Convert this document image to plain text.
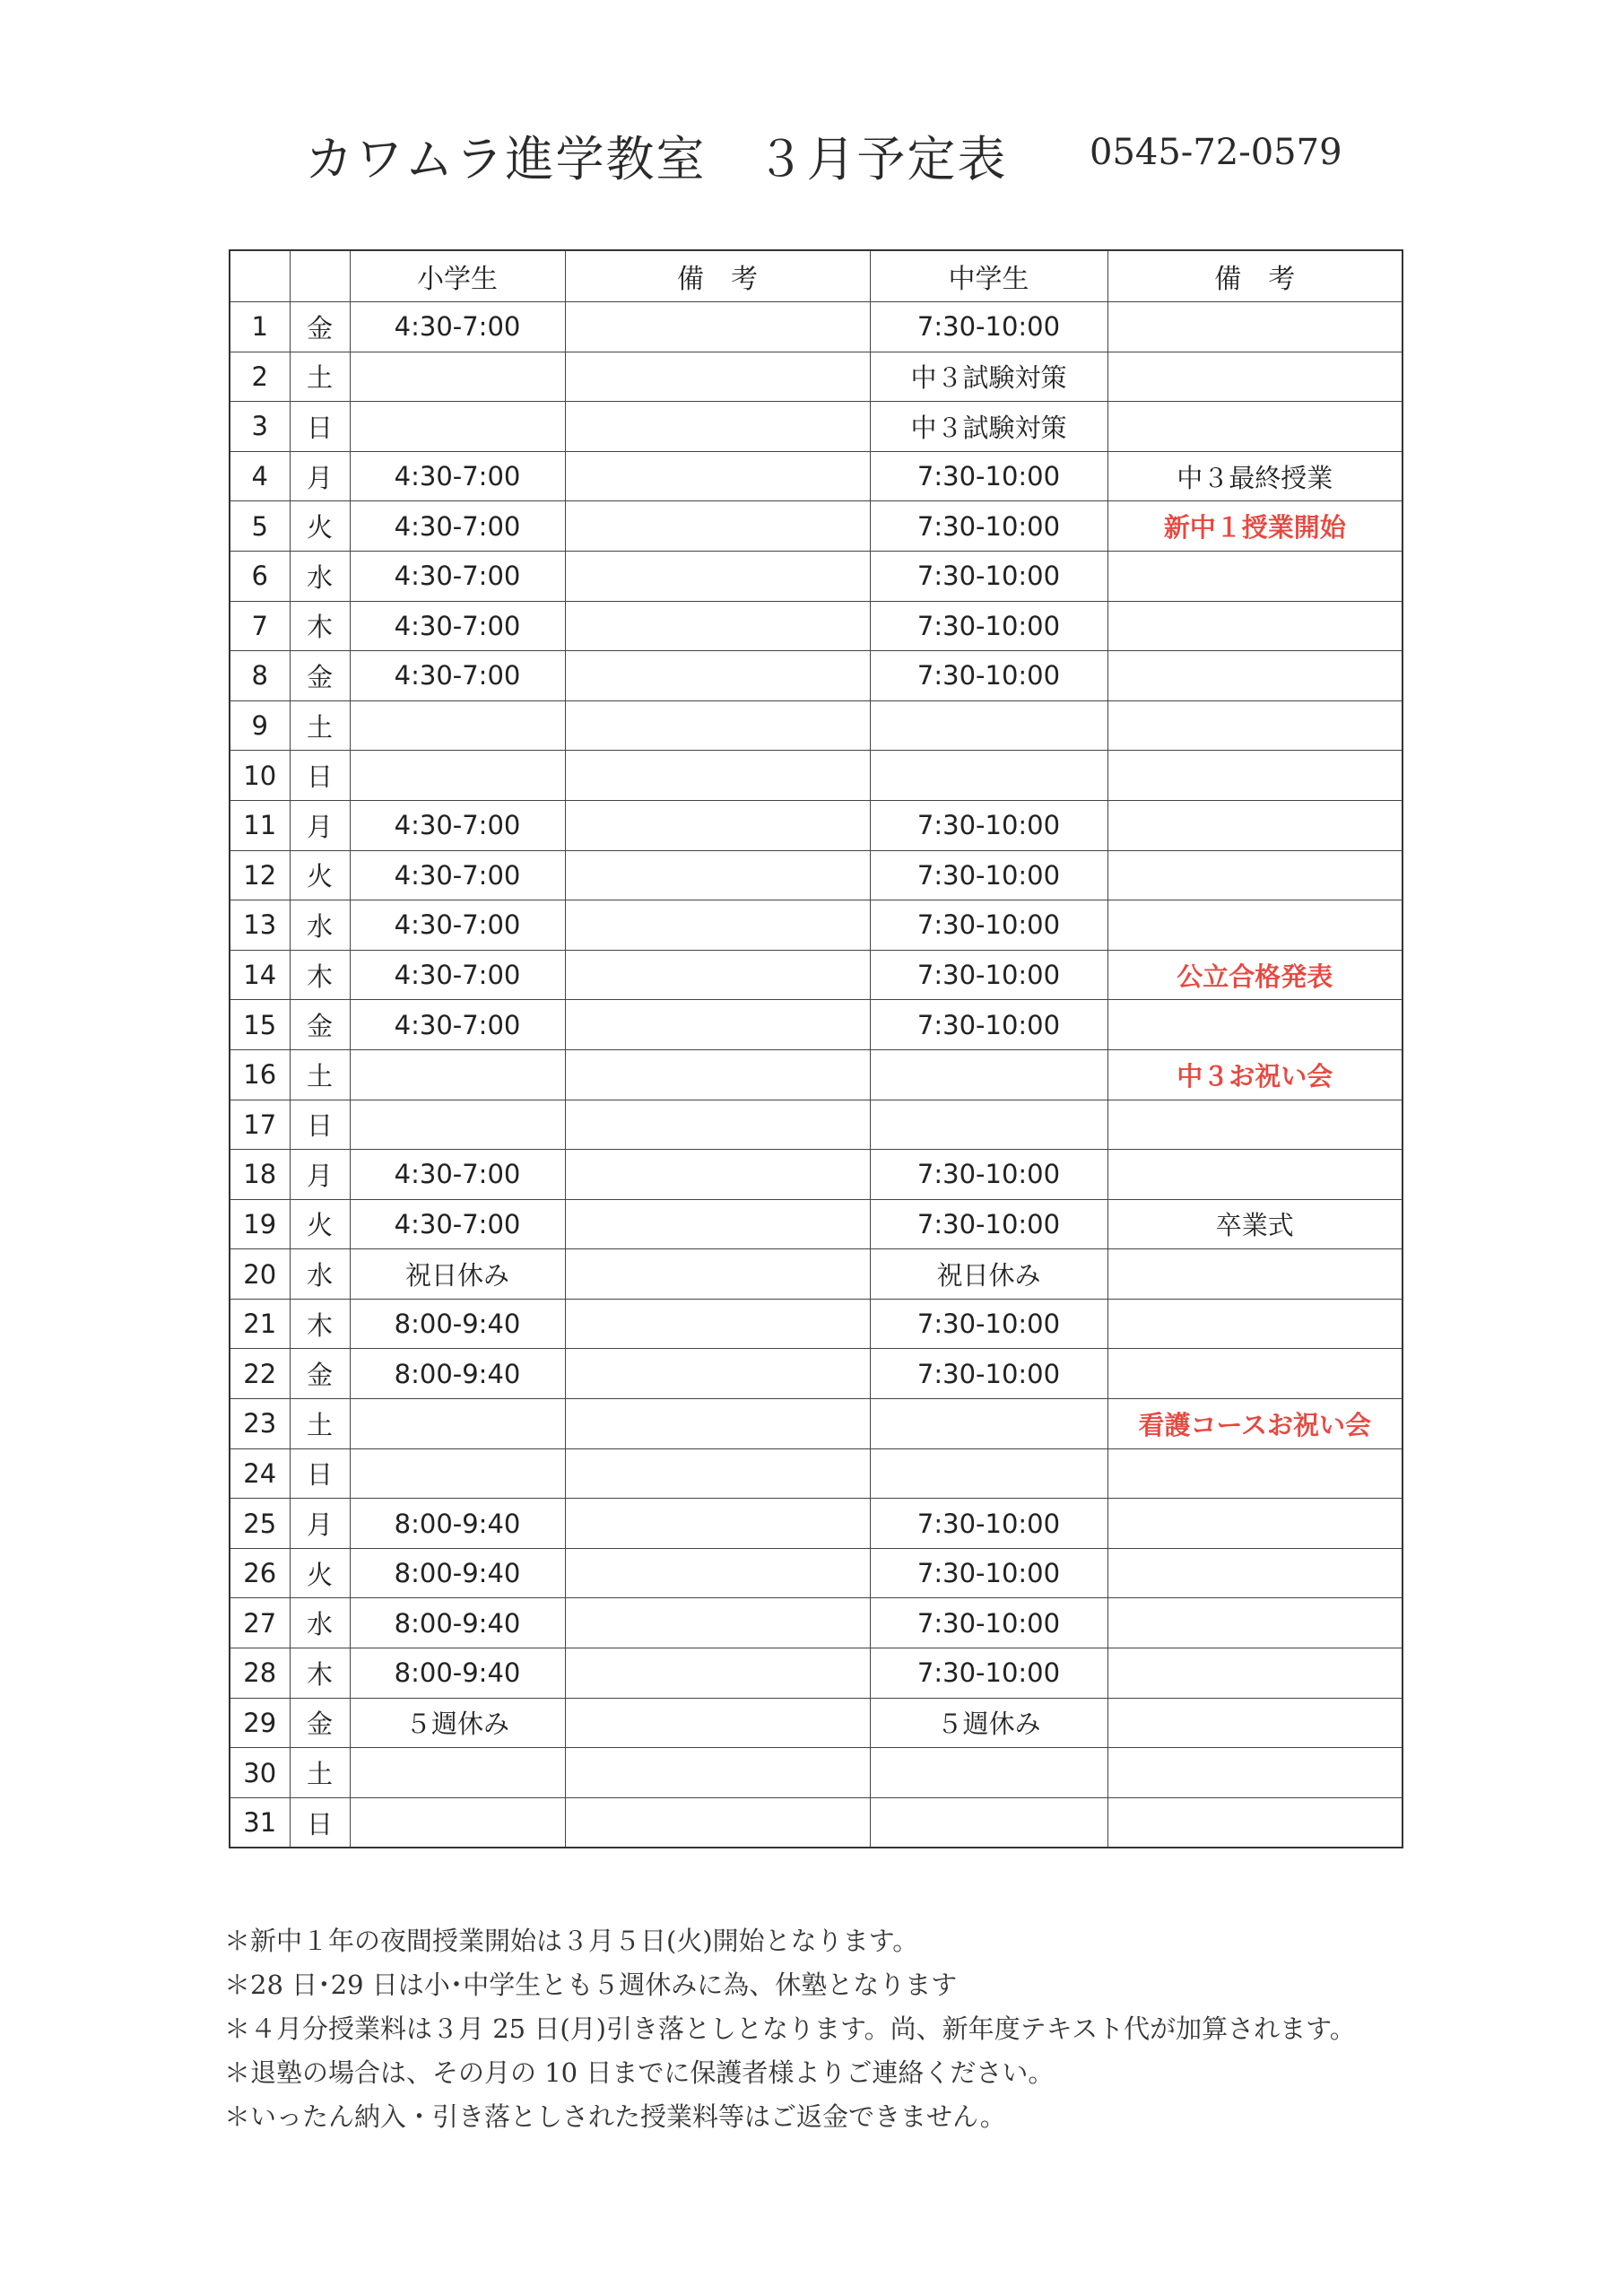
カワムラ進学教室　３月予定表 0545-72-0579
		小学生	備　考	中学生	備　考
1	金	4:30-7:00		7:30-10:00	
2	土			中３試験対策	
3	日			中３試験対策	
4	月	4:30-7:00		7:30-10:00	中３最終授業
5	火	4:30-7:00		7:30-10:00	新中１授業開始
6	水	4:30-7:00		7:30-10:00	
7	木	4:30-7:00		7:30-10:00	
8	金	4:30-7:00		7:30-10:00	
9	土				
10	日				
11	月	4:30-7:00		7:30-10:00	
12	火	4:30-7:00		7:30-10:00	
13	水	4:30-7:00		7:30-10:00	
14	木	4:30-7:00		7:30-10:00	公立合格発表
15	金	4:30-7:00		7:30-10:00	
16	土				中３お祝い会
17	日				
18	月	4:30-7:00		7:30-10:00	
19	火	4:30-7:00		7:30-10:00	卒業式
20	水	祝日休み		祝日休み	
21	木	8:00-9:40		7:30-10:00	
22	金	8:00-9:40		7:30-10:00	
23	土				看護コースお祝い会
24	日				
25	月	8:00-9:40		7:30-10:00	
26	火	8:00-9:40		7:30-10:00	
27	水	8:00-9:40		7:30-10:00	
28	木	8:00-9:40		7:30-10:00	
29	金	５週休み		５週休み	
30	土				
31	日				
＊新中１年の夜間授業開始は３月５日(火)開始となります。
＊28 日･29 日は小･中学生とも５週休みに為、休塾となります
＊４月分授業料は３月 25 日(月)引き落としとなります。尚、新年度テキスト代が加算されます。
＊退塾の場合は、その月の 10 日までに保護者様よりご連絡ください。
＊いったん納入・引き落としされた授業料等はご返金できません。
